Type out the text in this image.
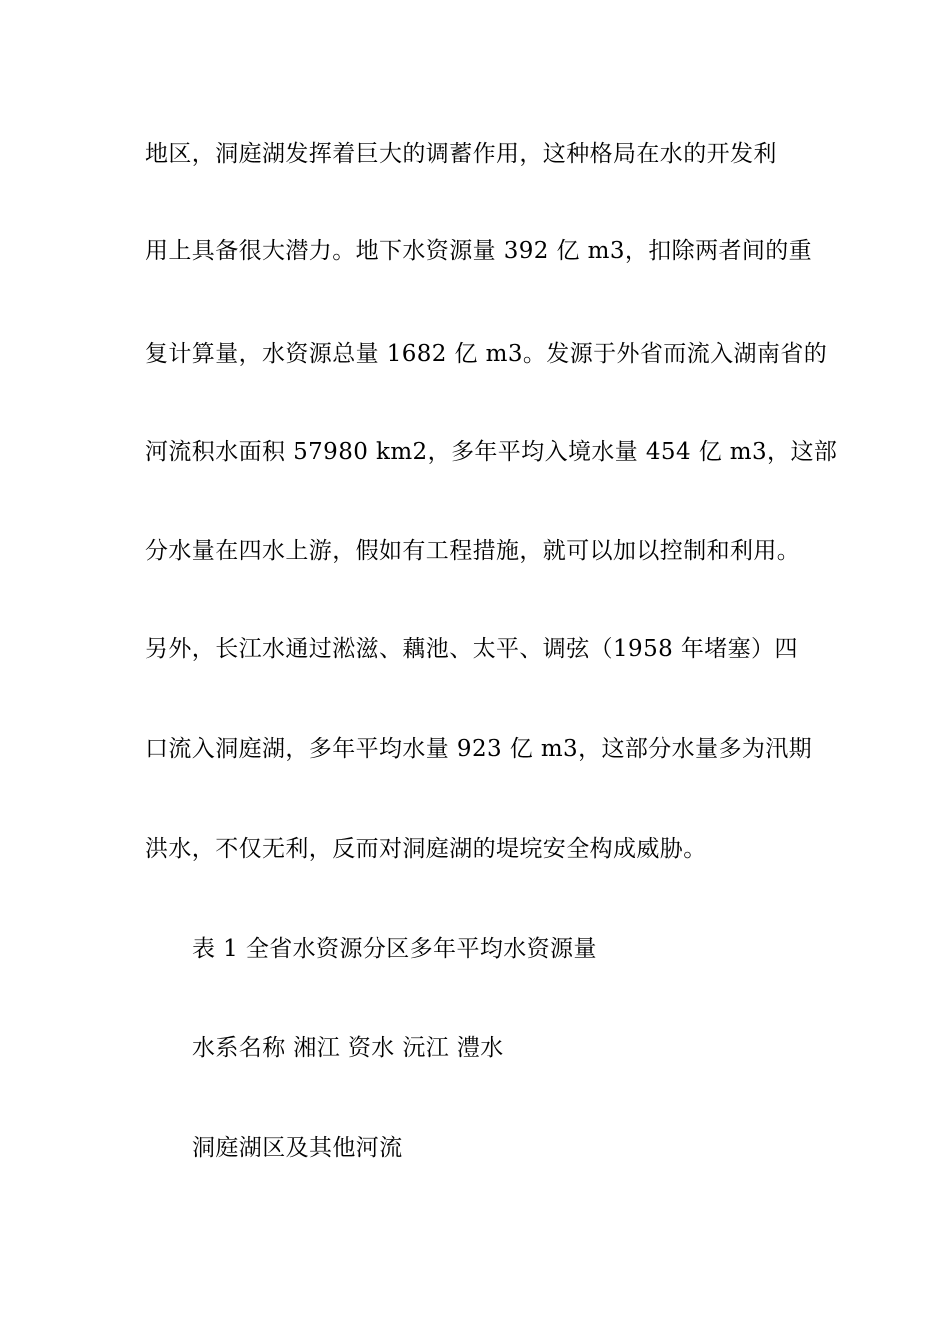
地区，洞庭湖发挥着巨大的调蓄作用，这种格局在水的开发利
用上具备很大潜力。地下水资源量 392 亿 m3，扣除两者间的重
复计算量，水资源总量 1682 亿 m3。发源于外省而流入湖南省的
河流积水面积 57980 km2，多年平均入境水量 454 亿 m3，这部
分水量在四水上游，假如有工程措施，就可以加以控制和利用。
另外，长江水通过淞滋、藕池、太平、调弦（1958 年堵塞）四
口流入洞庭湖，多年平均水量 923 亿 m3，这部分水量多为汛期
洪水，不仅无利，反而对洞庭湖的堤垸安全构成威胁。
表 1 全省水资源分区多年平均水资源量
水系名称 湘江 资水 沅江 澧水
洞庭湖区及其他河流
